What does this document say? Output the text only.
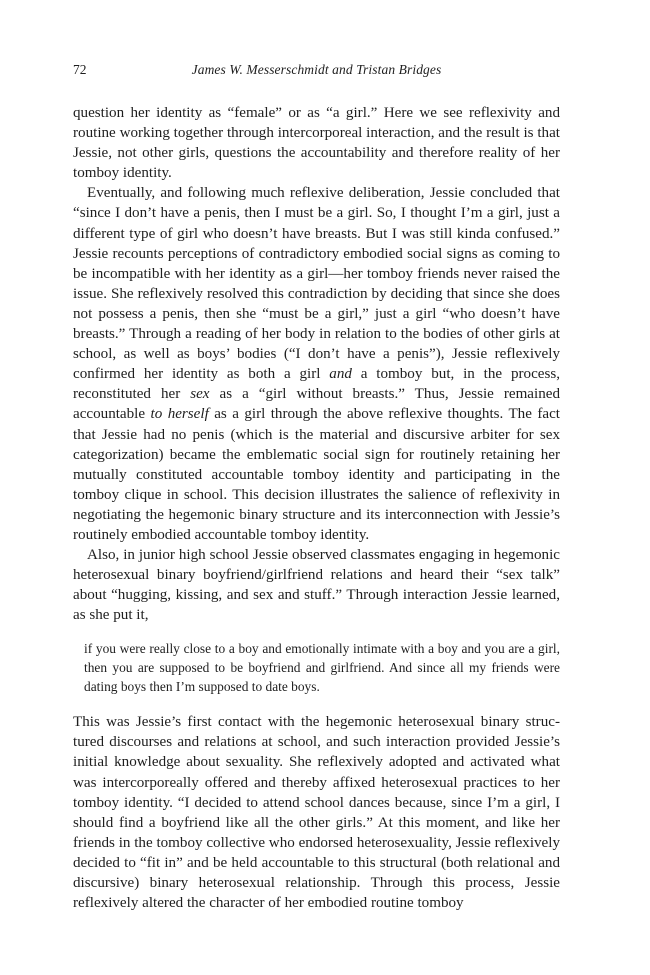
72	James W. Messerschmidt and Tristan Bridges

question her identity as “female” or as “a girl.” Here we see reflexivity and routine working together through intercorporeal interaction, and the result is that Jessie, not other girls, questions the accountability and therefore reality of her tomboy identity.

Eventually, and following much reflexive deliberation, Jessie concluded that “since I don’t have a penis, then I must be a girl. So, I thought I’m a girl, just a different type of girl who doesn’t have breasts. But I was still kinda confused.” Jessie recounts perceptions of contradictory embodied social signs as coming to be incompatible with her identity as a girl—her tomboy friends never raised the issue. She reflexively resolved this contradiction by deciding that since she does not possess a penis, then she “must be a girl,” just a girl “who doesn’t have breasts.” Through a reading of her body in relation to the bodies of other girls at school, as well as boys’ bodies (“I don’t have a penis”), Jessie reflexively confirmed her identity as both a girl and a tomboy but, in the process, reconstituted her sex as a “girl without breasts.” Thus, Jessie remained accountable to herself as a girl through the above reflexive thoughts. The fact that Jessie had no penis (which is the material and discursive arbiter for sex categorization) became the emblematic social sign for routinely retaining her mutually constituted accountable tomboy identity and participating in the tomboy clique in school. This decision illustrates the salience of reflexivity in negotiating the hegemonic binary structure and its interconnection with Jessie’s routinely embodied accountable tomboy identity.

Also, in junior high school Jessie observed classmates engaging in hegemonic heterosexual binary boyfriend/girlfriend relations and heard their “sex talk” about “hugging, kissing, and sex and stuff.” Through interaction Jessie learned, as she put it,

if you were really close to a boy and emotionally intimate with a boy and you are a girl, then you are supposed to be boyfriend and girlfriend. And since all my friends were dating boys then I’m supposed to date boys.

This was Jessie’s first contact with the hegemonic heterosexual binary structured discourses and relations at school, and such interaction provided Jessie’s initial knowledge about sexuality. She reflexively adopted and activated what was intercorporeally offered and thereby affixed heterosexual practices to her tomboy identity. “I decided to attend school dances because, since I’m a girl, I should find a boyfriend like all the other girls.” At this moment, and like her friends in the tomboy collective who endorsed heterosexuality, Jessie reflexively decided to “fit in” and be held accountable to this structural (both relational and discursive) binary heterosexual relationship. Through this process, Jessie reflexively altered the character of her embodied routine tomboy
